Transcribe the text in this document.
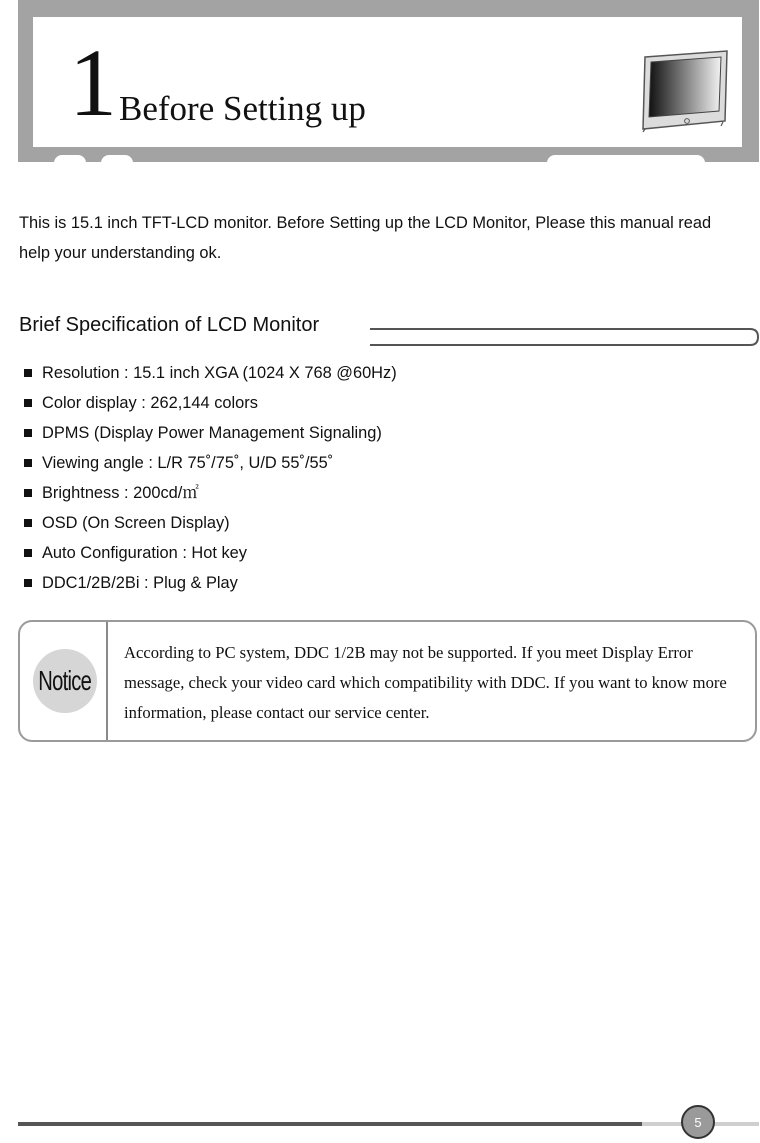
1 Before Setting up
This is 15.1 inch TFT-LCD monitor. Before Setting up the LCD Monitor, Please this manual read help your understanding ok.
Brief Specification of LCD Monitor
Resolution : 15.1 inch XGA (1024 X 768 @60Hz)
Color display : 262,144 colors
DPMS (Display Power Management Signaling)
Viewing angle : L/R 75˚/75˚, U/D 55˚/55˚
Brightness : 200cd/㎡
OSD (On Screen Display)
Auto Configuration : Hot key
DDC1/2B/2Bi : Plug & Play
Notice
According to PC system, DDC 1/2B may not be supported. If you meet Display Error message, check your video card which compatibility with DDC. If you want to know more information, please contact our service center.
5
